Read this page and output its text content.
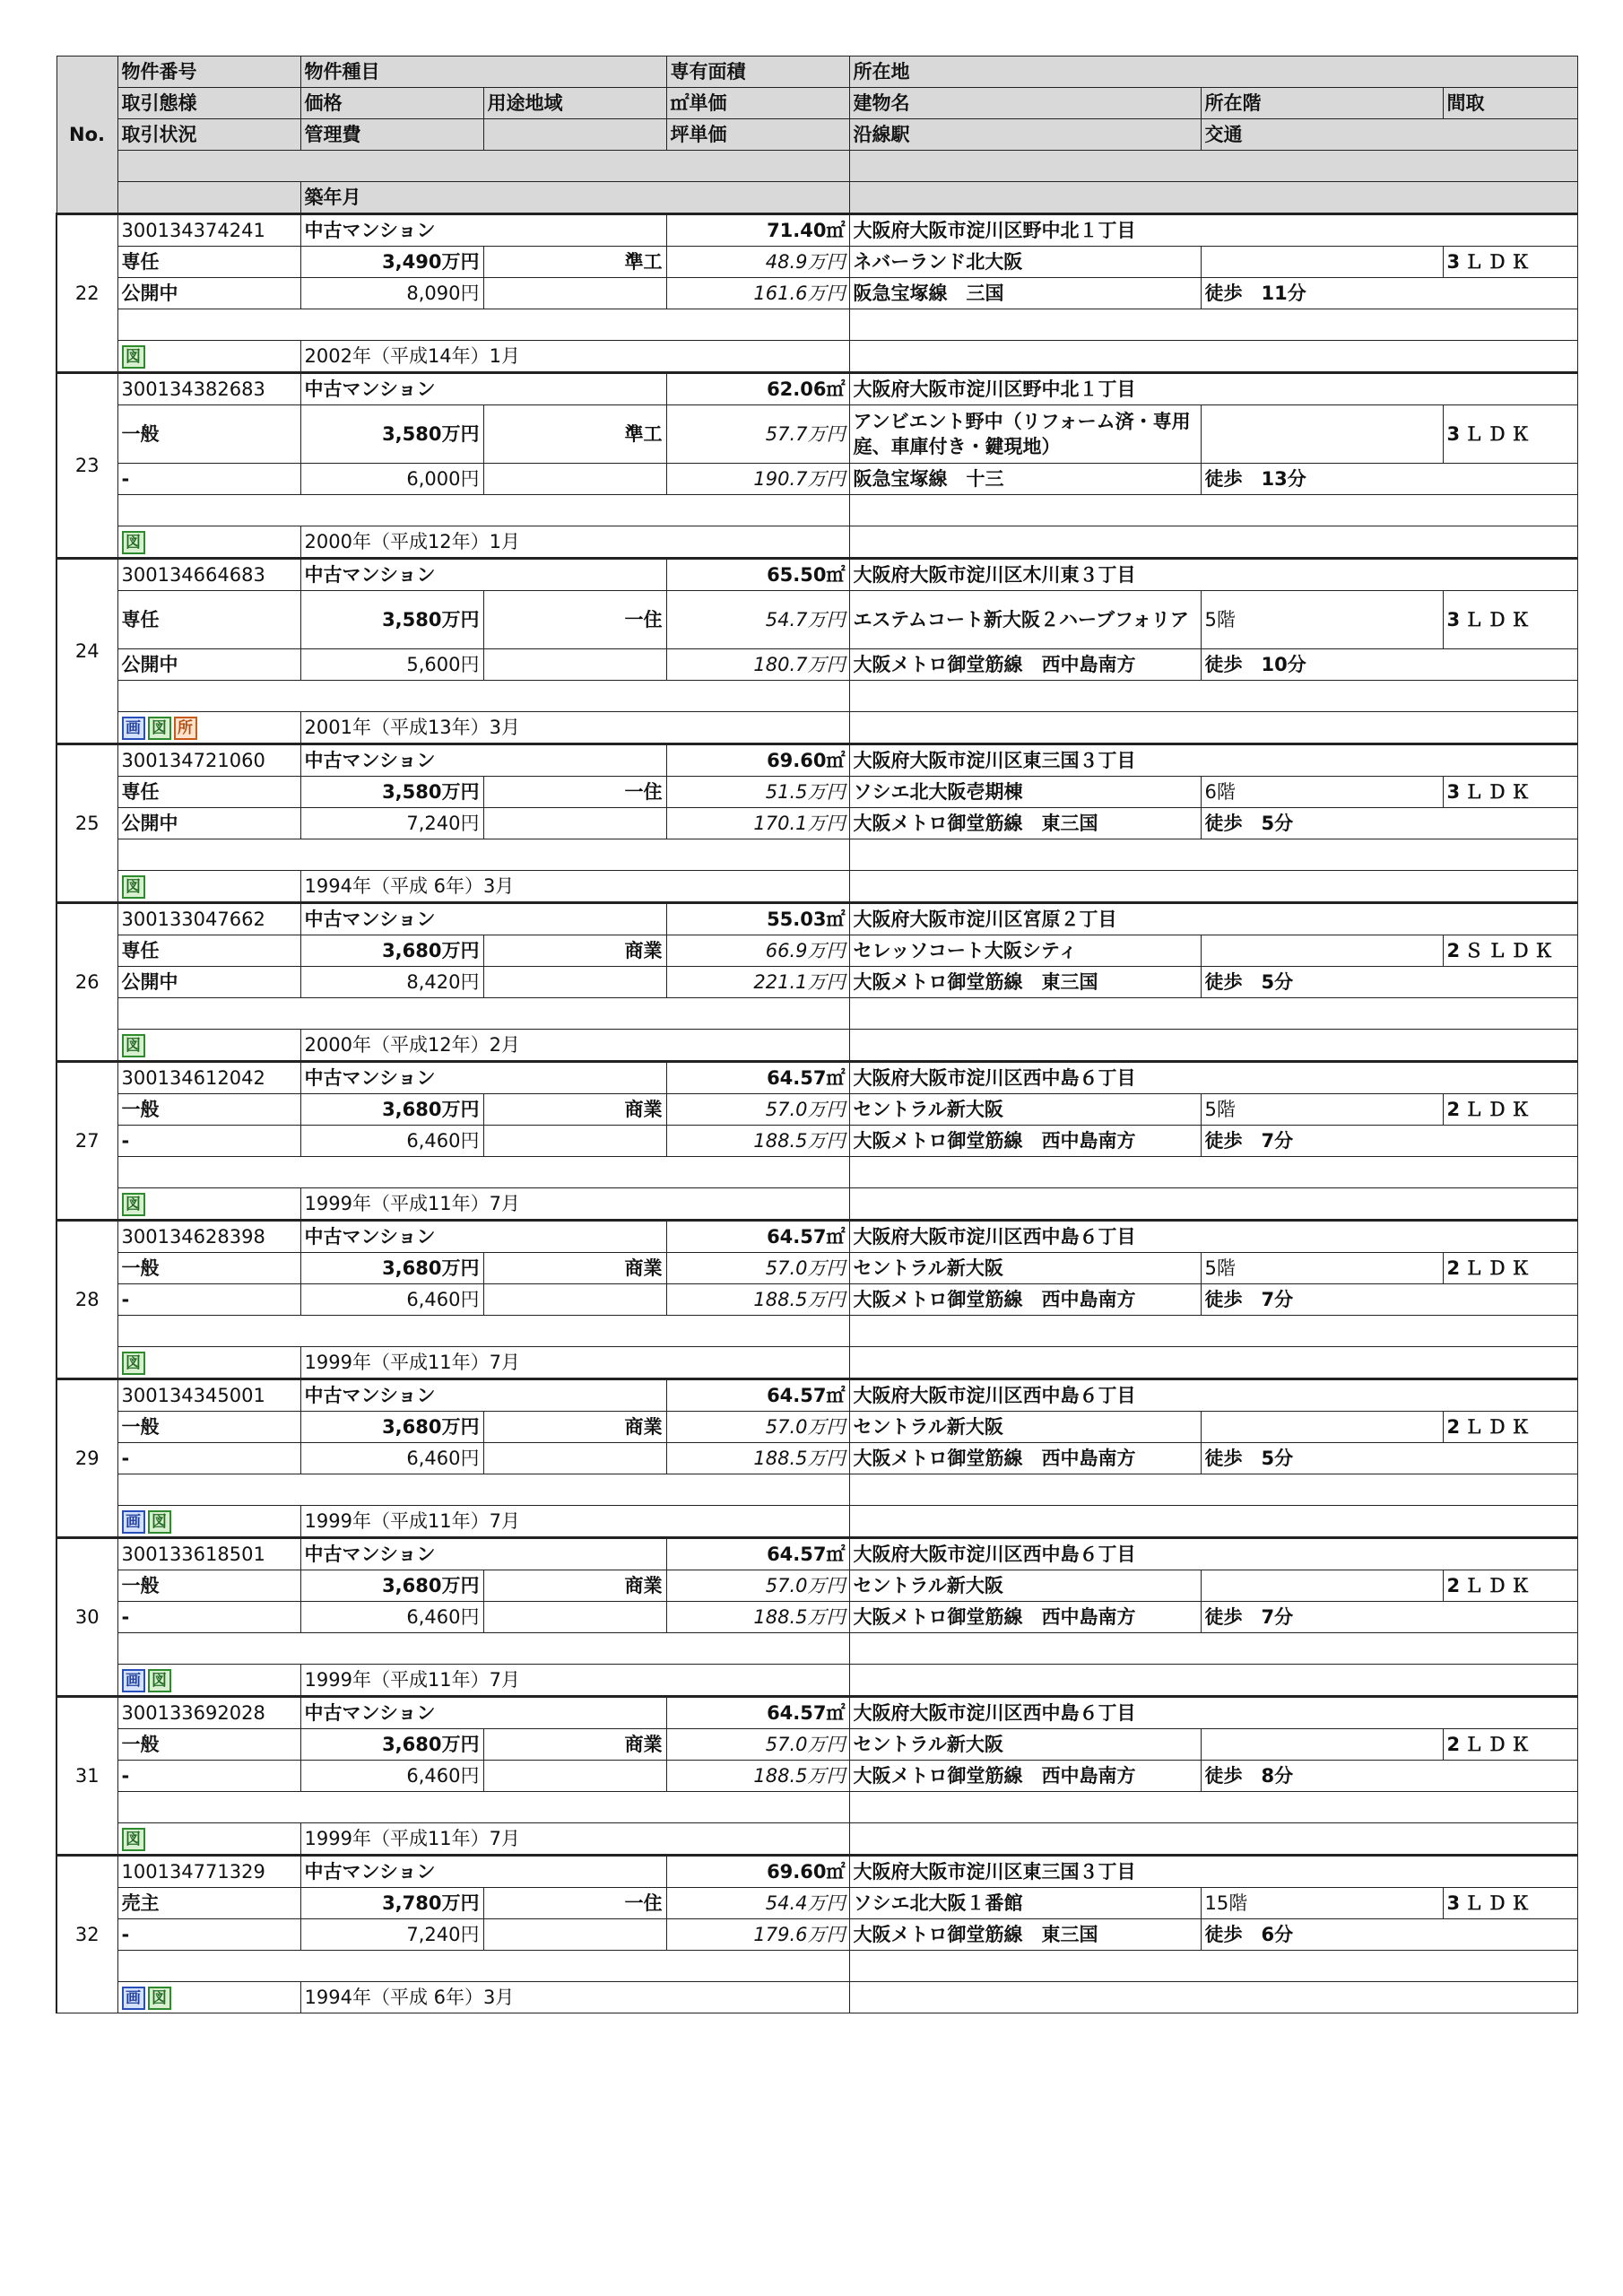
No.	物件番号	物件種目		専有面積	所在地		
	取引態様	価格	用途地域	㎡単価	建物名	所在階	間取
	取引状況	管理費		坪単価	沿線駅	交通	

		築年月					
22	300134374241	中古マンション		71.40㎡	大阪府大阪市淀川区野中北１丁目		
	専任	3,490万円	準工	48.9万円	ネバーランド北大阪		3ＬＤＫ
	公開中	8,090円		161.6万円	阪急宝塚線　三国	徒歩　11分	

	図	2002年（平成14年）1月					
23	300134382683	中古マンション		62.06㎡	大阪府大阪市淀川区野中北１丁目		
	一般	3,580万円	準工	57.7万円	アンビエント野中（リフォーム済・専用庭、車庫付き・鍵現地）		3ＬＤＫ
	-	6,000円		190.7万円	阪急宝塚線　十三	徒歩　13分	

	図	2000年（平成12年）1月					
24	300134664683	中古マンション		65.50㎡	大阪府大阪市淀川区木川東３丁目		
	専任	3,580万円	一住	54.7万円	エステムコート新大阪２ハーブフォリア	5階	3ＬＤＫ
	公開中	5,600円		180.7万円	大阪メトロ御堂筋線　西中島南方	徒歩　10分	

	画 図 所	2001年（平成13年）3月					
25	300134721060	中古マンション		69.60㎡	大阪府大阪市淀川区東三国３丁目		
	専任	3,580万円	一住	51.5万円	ソシエ北大阪壱期棟	6階	3ＬＤＫ
	公開中	7,240円		170.1万円	大阪メトロ御堂筋線　東三国	徒歩　5分	

	図	1994年（平成 6年）3月					
26	300133047662	中古マンション		55.03㎡	大阪府大阪市淀川区宮原２丁目		
	専任	3,680万円	商業	66.9万円	セレッソコート大阪シティ		2ＳＬＤＫ
	公開中	8,420円		221.1万円	大阪メトロ御堂筋線　東三国	徒歩　5分	

	図	2000年（平成12年）2月					
27	300134612042	中古マンション		64.57㎡	大阪府大阪市淀川区西中島６丁目		
	一般	3,680万円	商業	57.0万円	セントラル新大阪	5階	2ＬＤＫ
	-	6,460円		188.5万円	大阪メトロ御堂筋線　西中島南方	徒歩　7分	

	図	1999年（平成11年）7月					
28	300134628398	中古マンション		64.57㎡	大阪府大阪市淀川区西中島６丁目		
	一般	3,680万円	商業	57.0万円	セントラル新大阪	5階	2ＬＤＫ
	-	6,460円		188.5万円	大阪メトロ御堂筋線　西中島南方	徒歩　7分	

	図	1999年（平成11年）7月					
29	300134345001	中古マンション		64.57㎡	大阪府大阪市淀川区西中島６丁目		
	一般	3,680万円	商業	57.0万円	セントラル新大阪		2ＬＤＫ
	-	6,460円		188.5万円	大阪メトロ御堂筋線　西中島南方	徒歩　5分	

	画 図	1999年（平成11年）7月					
30	300133618501	中古マンション		64.57㎡	大阪府大阪市淀川区西中島６丁目		
	一般	3,680万円	商業	57.0万円	セントラル新大阪		2ＬＤＫ
	-	6,460円		188.5万円	大阪メトロ御堂筋線　西中島南方	徒歩　7分	

	画 図	1999年（平成11年）7月					
31	300133692028	中古マンション		64.57㎡	大阪府大阪市淀川区西中島６丁目		
	一般	3,680万円	商業	57.0万円	セントラル新大阪		2ＬＤＫ
	-	6,460円		188.5万円	大阪メトロ御堂筋線　西中島南方	徒歩　8分	

	図	1999年（平成11年）7月					
32	100134771329	中古マンション		69.60㎡	大阪府大阪市淀川区東三国３丁目		
	売主	3,780万円	一住	54.4万円	ソシエ北大阪１番館	15階	3ＬＤＫ
	-	7,240円		179.6万円	大阪メトロ御堂筋線　東三国	徒歩　6分	

	画 図	1994年（平成 6年）3月					
